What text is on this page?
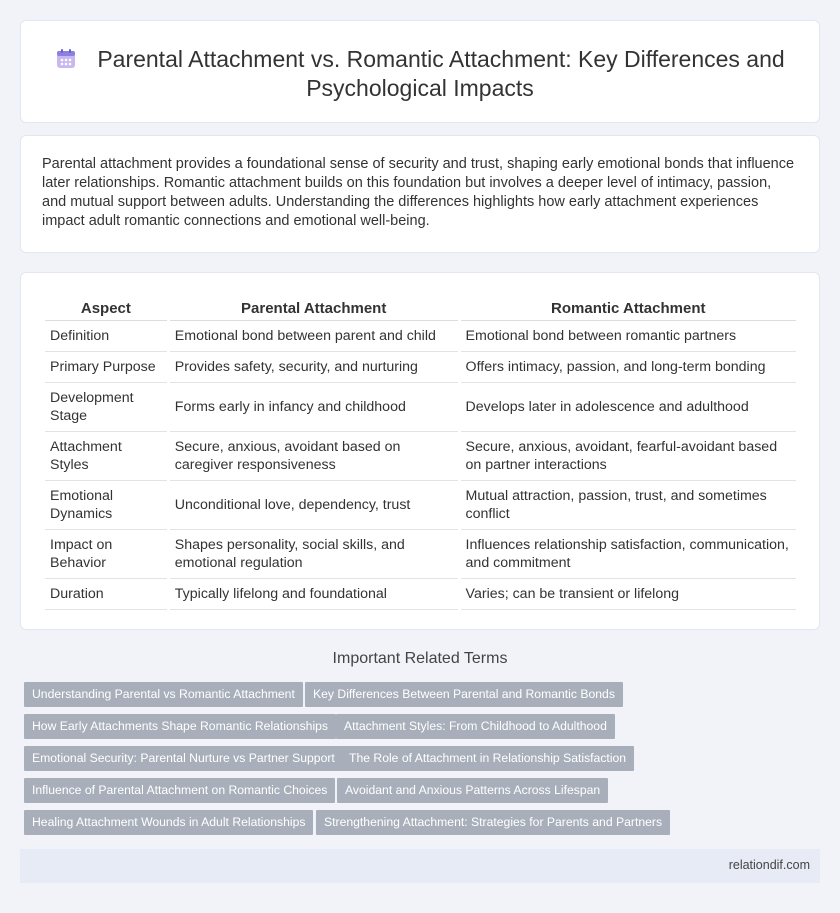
Parental Attachment vs. Romantic Attachment: Key Differences and Psychological Impacts

Parental attachment provides a foundational sense of security and trust, shaping early emotional bonds that influence later relationships. Romantic attachment builds on this foundation but involves a deeper level of intimacy, passion, and mutual support between adults. Understanding the differences highlights how early attachment experiences impact adult romantic connections and emotional well-being.

Aspect	Parental Attachment	Romantic Attachment
Definition	Emotional bond between parent and child	Emotional bond between romantic partners
Primary Purpose	Provides safety, security, and nurturing	Offers intimacy, passion, and long-term bonding
Development Stage	Forms early in infancy and childhood	Develops later in adolescence and adulthood
Attachment Styles	Secure, anxious, avoidant based on caregiver responsiveness	Secure, anxious, avoidant, fearful-avoidant based on partner interactions
Emotional Dynamics	Unconditional love, dependency, trust	Mutual attraction, passion, trust, and sometimes conflict
Impact on Behavior	Shapes personality, social skills, and emotional regulation	Influences relationship satisfaction, communication, and commitment
Duration	Typically lifelong and foundational	Varies; can be transient or lifelong
Important Related Terms
Understanding Parental vs Romantic Attachment	Key Differences Between Parental and Romantic Bonds
How Early Attachments Shape Romantic Relationships	Attachment Styles: From Childhood to Adulthood
Emotional Security: Parental Nurture vs Partner Support	The Role of Attachment in Relationship Satisfaction
Influence of Parental Attachment on Romantic Choices	Avoidant and Anxious Patterns Across Lifespan
Healing Attachment Wounds in Adult Relationships	Strengthening Attachment: Strategies for Parents and Partners
relationdif.com
